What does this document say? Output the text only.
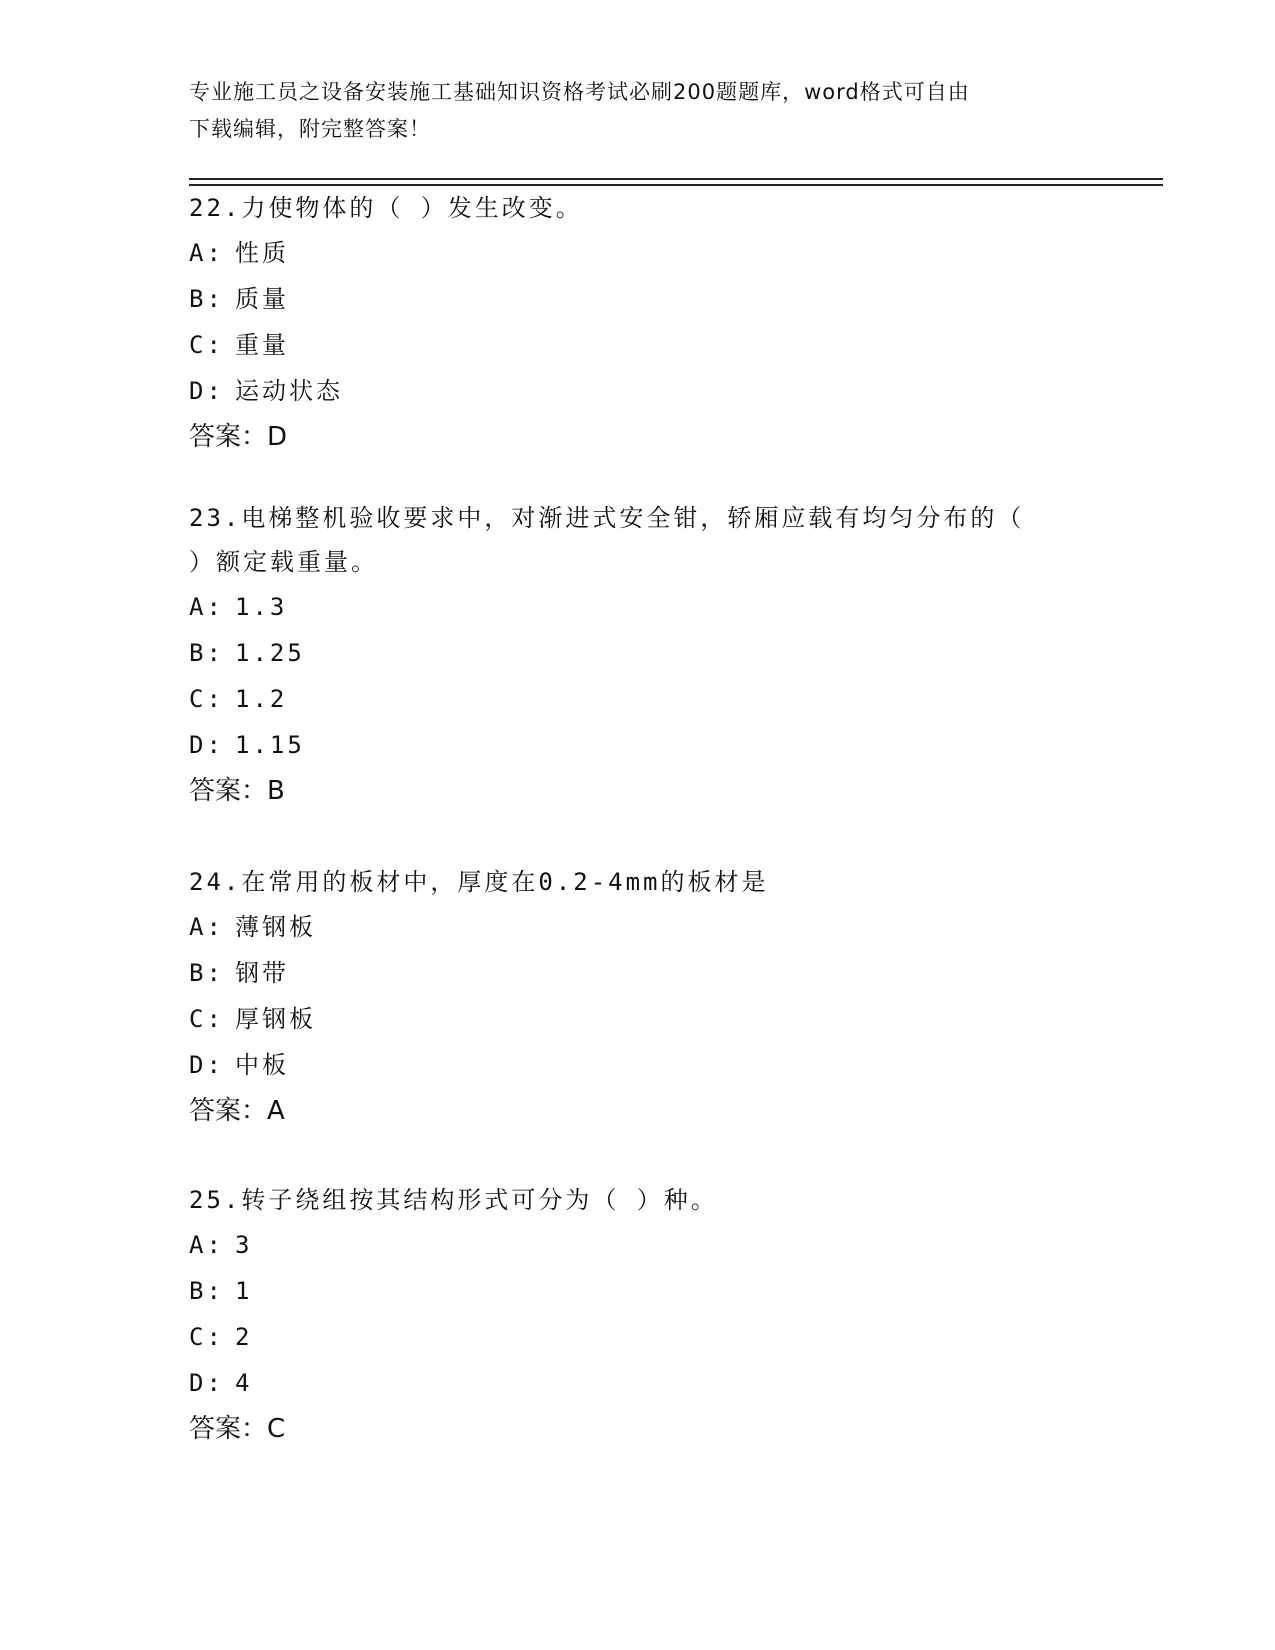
专业施工员之设备安装施工基础知识资格考试必刷200题题库，word格式可自由
下载编辑，附完整答案！

22.力使物体的（ ）发生改变。

A: 性质

B: 质量

C: 重量

D: 运动状态

答案：D

23.电梯整机验收要求中，对渐进式安全钳，轿厢应载有均匀分布的（

）额定载重量。

A: 1.3

B: 1.25

C: 1.2

D: 1.15

答案：B

24.在常用的板材中，厚度在0.2-4mm的板材是

A: 薄钢板

B: 钢带

C: 厚钢板

D: 中板

答案：A

25.转子绕组按其结构形式可分为（ ）种。

A: 3

B: 1

C: 2

D: 4

答案：C
